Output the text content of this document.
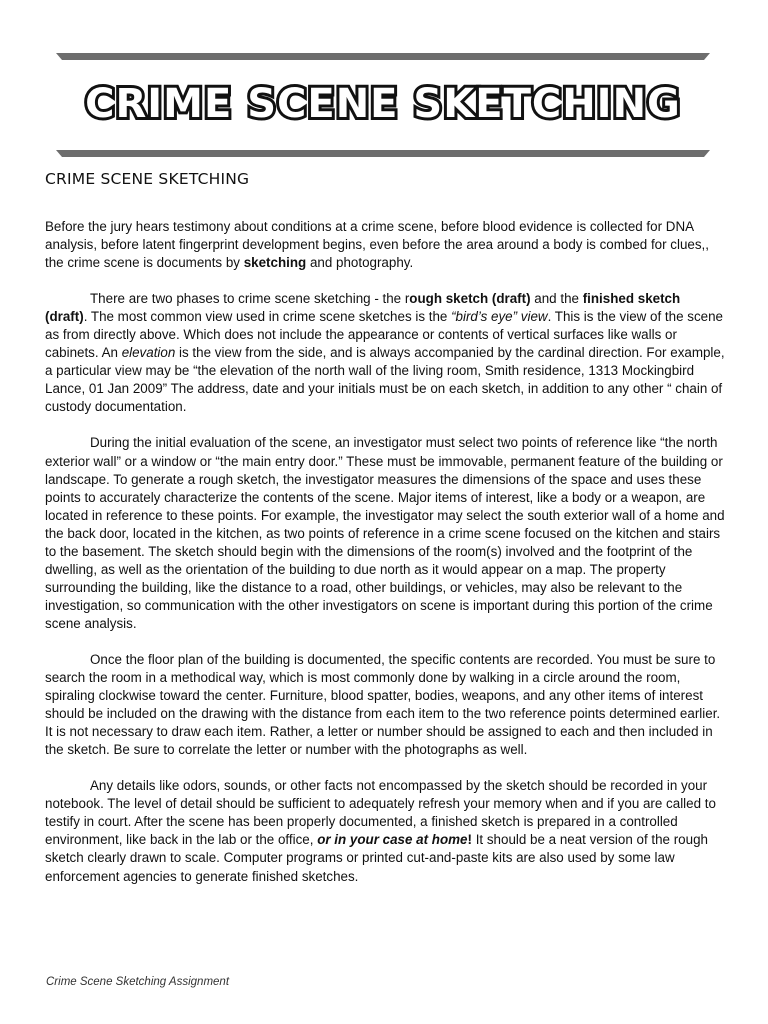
CRIME SCENE SKETCHING
CRIME SCENE SKETCHING

Before the jury hears testimony about conditions at a crime scene, before blood evidence is collected for DNA analysis, before latent fingerprint development begins, even before the area around a body is combed for clues,, the crime scene is documents by sketching and photography.

There are two phases to crime scene sketching - the rough sketch (draft) and the finished sketch (draft). The most common view used in crime scene sketches is the “bird’s eye” view. This is the view of the scene as from directly above. Which does not include the appearance or contents of vertical surfaces like walls or cabinets. An elevation is the view from the side, and is always accompanied by the cardinal direction. For example, a particular view may be “the elevation of the north wall of the living room, Smith residence, 1313 Mockingbird Lance, 01 Jan 2009” The address, date and your initials must be on each sketch, in addition to any other “ chain of custody documentation.

During the initial evaluation of the scene, an investigator must select two points of reference like “the north exterior wall” or a window or “the main entry door.” These must be immovable, permanent feature of the building or landscape. To generate a rough sketch, the investigator measures the dimensions of the space and uses these points to accurately characterize the contents of the scene. Major items of interest, like a body or a weapon, are located in reference to these points. For example, the investigator may select the south exterior wall of a home and the back door, located in the kitchen, as two points of reference in a crime scene focused on the kitchen and stairs to the basement. The sketch should begin with the dimensions of the room(s) involved and the footprint of the dwelling, as well as the orientation of the building to due north as it would appear on a map. The property surrounding the building, like the distance to a road, other buildings, or vehicles, may also be relevant to the investigation, so communication with the other investigators on scene is important during this portion of the crime scene analysis.

Once the floor plan of the building is documented, the specific contents are recorded. You must be sure to search the room in a methodical way, which is most commonly done by walking in a circle around the room, spiraling clockwise toward the center. Furniture, blood spatter, bodies, weapons, and any other items of interest should be included on the drawing with the distance from each item to the two reference points determined earlier. It is not necessary to draw each item. Rather, a letter or number should be assigned to each and then included in the sketch. Be sure to correlate the letter or number with the photographs as well.

Any details like odors, sounds, or other facts not encompassed by the sketch should be recorded in your notebook. The level of detail should be sufficient to adequately refresh your memory when and if you are called to testify in court. After the scene has been properly documented, a finished sketch is prepared in a controlled environment, like back in the lab or the office, or in your case at home! It should be a neat version of the rough sketch clearly drawn to scale. Computer programs or printed cut-and-paste kits are also used by some law enforcement agencies to generate finished sketches.

Crime Scene Sketching Assignment
